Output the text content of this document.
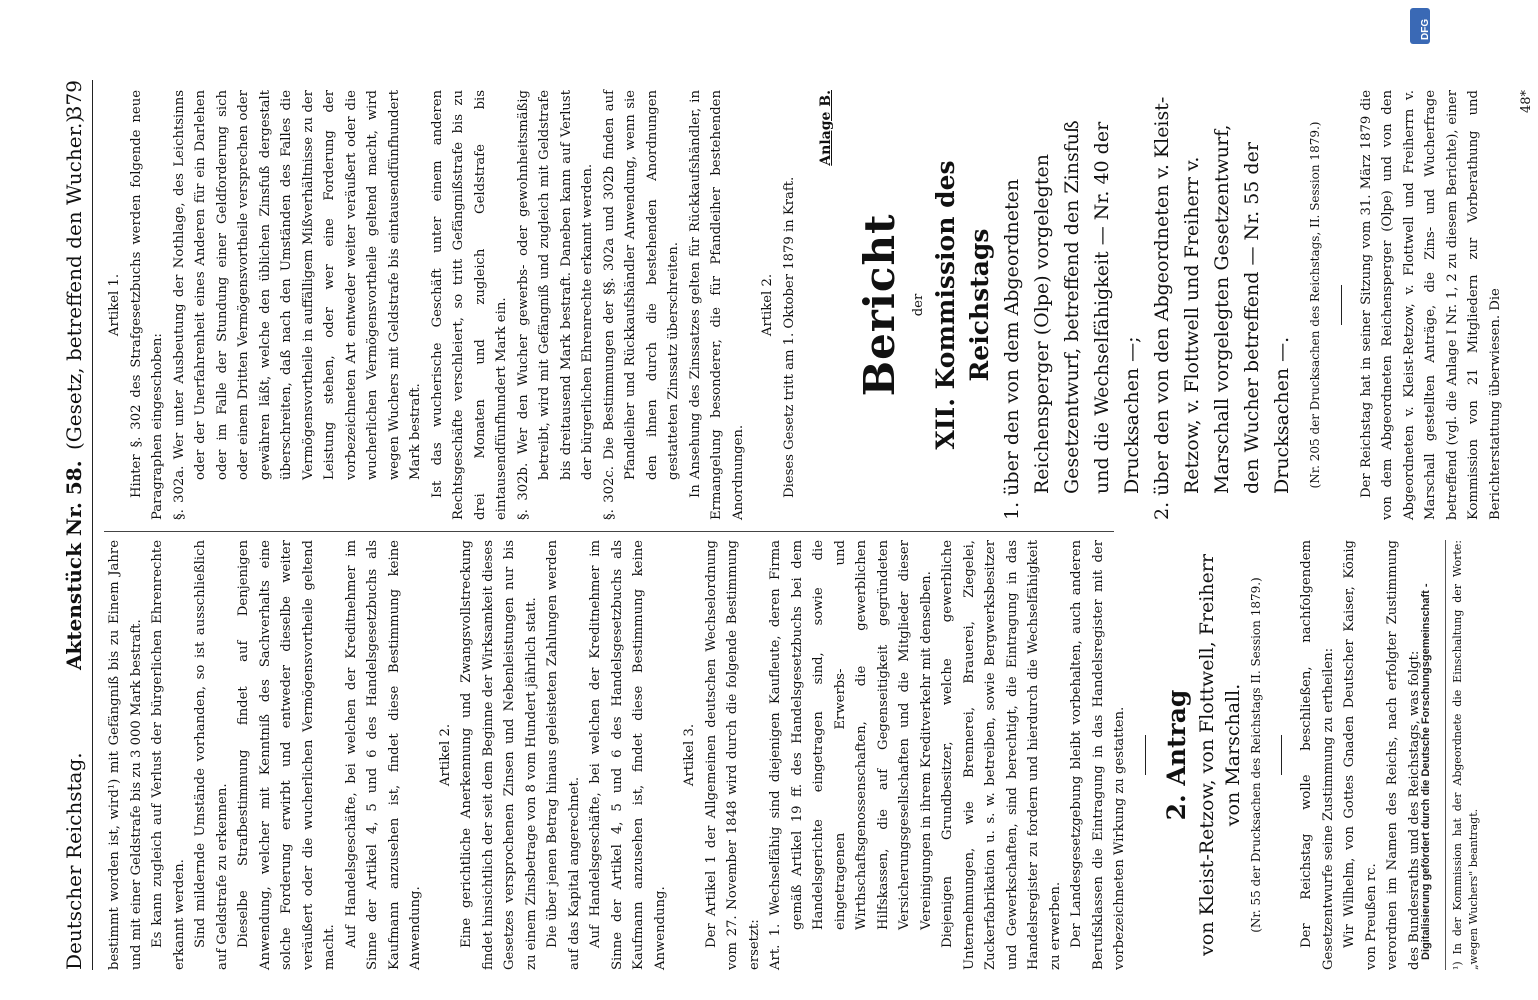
Deutscher Reichstag.
Aktenstück Nr. 58.
(Gesetz, betreffend den Wucher.)
379

bestimmt worden ist, wird¹) mit Gefängniß bis zu Einem Jahre und mit einer Geldstrafe bis zu 3 000 Mark bestraft. Es kann zugleich auf Verlust der bürgerlichen Ehrenrechte erkannt werden. Sind mildernde Umstände vorhanden, so ist ausschließlich auf Geldstrafe zu erkennen. Dieselbe Strafbestimmung findet auf Denjenigen Anwendung, welcher mit Kenntniß des Sachverhalts eine solche Forderung erwirbt und entweder dieselbe weiter veräußert oder die wucherlichen Vermögensvortheile geltend macht. Auf Handelsgeschäfte, bei welchen der Kreditnehmer im Sinne der Artikel 4, 5 und 6 des Handelsgesetzbuchs als Kaufmann anzusehen ist, findet diese Bestimmung keine Anwendung.

Artikel 2. Eine gerichtliche Anerkennung und Zwangsvollstreckung findet hinsichtlich der seit dem Beginne der Wirksamkeit dieses Gesetzes versprochenen Zinsen und Nebenleistungen nur bis zu einem Zinsbetrage von 8 vom Hundert jährlich statt. Die über jenen Betrag hinaus geleisteten Zahlungen werden auf das Kapital angerechnet. Auf Handelsgeschäfte, bei welchen der Kreditnehmer im Sinne der Artikel 4, 5 und 6 des Handelsgesetzbuchs als Kaufmann anzusehen ist, findet diese Bestimmung keine Anwendung.

Artikel 3. Der Artikel 1 der Allgemeinen deutschen Wechselordnung vom 27. November 1848 wird durch die folgende Bestimmung ersetzt: Art. 1. Wechselfähig sind diejenigen Kaufleute, deren Firma gemäß Artikel 19 ff. des Handelsgesetzbuchs bei dem Handelsgerichte eingetragen sind, sowie die eingetragenen Erwerbs- und Wirthschaftsgenossenschaften, die gewerblichen Hilfskassen, die auf Gegenseitigkeit gegründeten Versicherungsgesellschaften und die Mitglieder dieser Vereinigungen in ihrem Kreditverkehr mit denselben. Diejenigen Grundbesitzer, welche gewerbliche Unternehmungen, wie Brennerei, Brauerei, Ziegelei, Zuckerfabrikation u. s. w. betreiben, sowie Bergwerksbesitzer und Gewerkschaften, sind berechtigt, die Eintragung in das Handelsregister zu fordern und hierdurch die Wechselfähigkeit zu erwerben. Der Landesgesetzgebung bleibt vorbehalten, auch anderen Berufsklassen die Eintragung in das Handelsregister mit der vorbezeichneten Wirkung zu gestatten. 2. Antrag von Kleist-Retzow, von Flottwell, Freiherr von Marschall. (Nr. 55 der Drucksachen des Reichstags II. Session 1879.)	Der Reichstag wolle beschließen, nachfolgendem Gesetzentwurfe seine Zustimmung zu ertheilen: Wir Wilhelm, von Gottes Gnaden Deutscher Kaiser, König von Preußen rc. verordnen im Namen des Reichs, nach erfolgter Zustimmung des Bundesraths und des Reichstags, was folgt:	¹) In der Kommission hat der Abgeordnete die Einschaltung der Worte: „wegen Wuchers" beantragt.

Artikel 1. Hinter §. 302 des Strafgesetzbuchs werden folgende neue Paragraphen eingeschoben: §. 302a. Wer unter Ausbeutung der Nothlage, des Leichtsinns oder der Unerfahrenheit eines Anderen für ein Darlehen oder im Falle der Stundung einer Geldforderung sich oder einem Dritten Vermögensvortheile versprechen oder gewähren läßt, welche den üblichen Zinsfuß dergestalt überschreiten, daß nach den Umständen des Falles die Vermögensvortheile in auffälligem Mißverhältnisse zu der Leistung stehen, oder wer eine Forderung der vorbezeichneten Art entweder weiter veräußert oder die wucherlichen Vermögensvortheile geltend macht, wird wegen Wuchers mit Geldstrafe bis eintausendfünfhundert Mark bestraft. Ist das wucherische Geschäft unter einem anderen Rechtsgeschäfte verschleiert, so tritt Gefängnißstrafe bis zu drei Monaten und zugleich Geldstrafe bis eintausendfünfhundert Mark ein. §. 302b. Wer den Wucher gewerbs- oder gewohnheitsmäßig betreibt, wird mit Gefängniß und zugleich mit Geldstrafe bis dreitausend Mark bestraft. Daneben kann auf Verlust der bürgerlichen Ehrenrechte erkannt werden. §. 302c. Die Bestimmungen der §§. 302a und 302b finden auf Pfandleiher und Rückkaufshändler Anwendung, wenn sie den ihnen durch die bestehenden Anordnungen gestatteten Zinssatz überschreiten. In Ansehung des Zinssatzes gelten für Rückkaufshändler, in Ermangelung besonderer, die für Pfandleiher bestehenden Anordnungen.

Artikel 2. Dieses Gesetz tritt am 1. Oktober 1879 in Kraft.

Anlage B.

Bericht der XII. Kommission des Reichstags 1. über den von dem Abgeordneten Reichensperger (Olpe) vorgelegten Gesetzentwurf, betreffend den Zinsfuß und die Wechselfähigkeit — Nr. 40 der Drucksachen —; 2. über den von den Abgeordneten v. Kleist-Retzow, v. Flottwell und Freiherr v. Marschall vorgelegten Gesetzentwurf, den Wucher betreffend — Nr. 55 der Drucksachen —.	(Nr. 205 der Drucksachen des Reichstags, II. Session 1879.)	Der Reichstag hat in seiner Sitzung vom 31. März 1879 die von dem Abgeordneten Reichensperger (Olpe) und von den Abgeordneten v. Kleist-Retzow, v. Flottwell und Freiherrn v. Marschall gestellten Anträge, die Zins- und Wucherfrage betreffend (vgl. die Anlage I Nr. 1, 2 zu diesem Berichte), einer Kommission von 21 Mitgliedern zur Vorberathung und Berichterstattung überwiesen. Die

48*

DFG
Digitalisierung gefördert durch die Deutsche Forschungsgemeinschaft -
